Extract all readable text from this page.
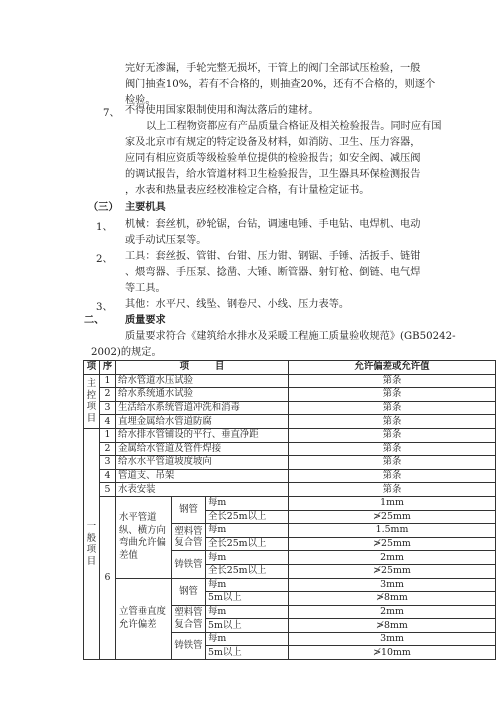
完好无渗漏，手轮完整无损坏，干管上的阀门全部试压检验，一般
阀门抽查10%，若有不合格的，则抽查20%，还有不合格的，则逐个
检验。
7、 不得使用国家限制使用和淘汰落后的建材。
以上工程物资都应有产品质量合格证及相关检验报告。同时应有国
家及北京市有规定的特定设备及材料，如消防、卫生、压力容器，
应同有相应资质等级检验单位提供的检验报告；如安全阀、减压阀
的调试报告，给水管道材料卫生检验报告，卫生器具环保检测报告
，水表和热量表应经校准检定合格，有计量检定证书。
（三） 主要机具
1、 机械：套丝机，砂轮锯，台钻，调速电锤、手电钻、电焊机、电动
或手动试压泵等。
2、 工具：套丝扳、管钳、台钳、压力钳、钢锯、手锤、活扳手、链钳
、煨弯器、手压泵、捻凿、大锤、断管器、射钉枪、倒链、电气焊
等工具。
3、 其他：水平尺、线坠、钢卷尺、小线、压力表等。
二、 质量要求
质量要求符合《建筑给水排水及采暖工程施工质量验收规范》(GB50242-
2002)的规定。
项	序	项        目			允许偏差或允许值
主控项目	1	给水管道水压试验			第条
	2	给水系统通水试验			第条
	3	生活给水系统管道冲洗和消毒			第条
	4	直埋金属给水管道防腐			第条
一般项目	1	给水排水管铺设的平行、垂直净距			第条
	2	金属给水管道及管件焊接			第条
	3	给水水平管道坡度坡向			第条
	4	管道支、吊架			第条
	5	水表安装			第条
	6	水平管道纵、横方向弯曲允许偏差值	钢管	每m	1mm
				全长25m以上	≯25mm
			塑料管复合管	每m	1.5mm
				全长25m以上	≯25mm
			铸铁管	每m	2mm
				全长25m以上	≯25mm
		立管垂直度允许偏差	钢管	每m	3mm
				5m以上	≯8mm
			塑料管复合管	每m	2mm
				5m以上	≯8mm
			铸铁管	每m	3mm
				5m以上	≯10mm
